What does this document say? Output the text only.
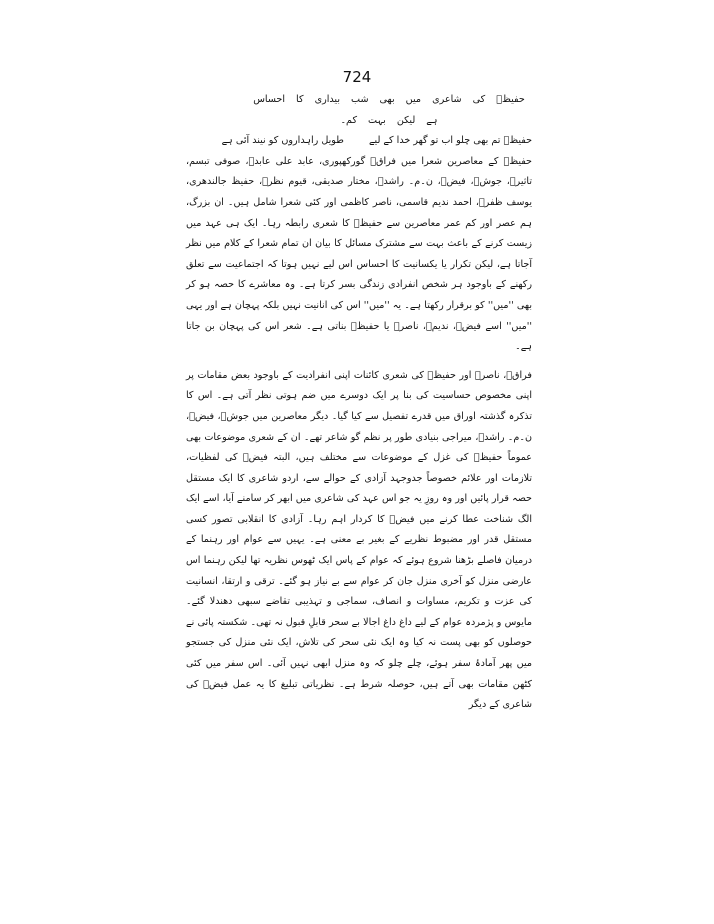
724

حفیظؔ کی شاعری میں بھی شب بیداری کا احساس ہے لیکن بہت کم۔

حفیظؔ تم بھی چلو اب تو گھر خدا کے لیے طویل راہداروں کو نیند آئی ہے

حفیظؔ کے معاصرین شعرا میں فراقؔ گورکھپوری، عابد علی عابدؔ، صوفی تبسم، تاثیرؔ، جوشؔ، فیضؔ، ن۔م۔ راشدؔ، مختار صدیقی، قیوم نظرؔ، حفیظ جالندھری، یوسف ظفرؔ، احمد ندیم قاسمی، ناصر کاظمی اور کئی شعرا شامل ہیں۔ ان بزرگ، ہم عصر اور کم عمر معاصرین سے حفیظؔ کا شعری رابطہ رہا۔ ایک ہی عہد میں زیست کرنے کے باعث بہت سے مشترک مسائل کا بیان ان تمام شعرا کے کلام میں نظر آجاتا ہے، لیکن تکرار یا یکسانیت کا احساس اس لیے نہیں ہوتا کہ اجتماعیت سے تعلق رکھنے کے باوجود ہر شخص انفرادی زندگی بسر کرتا ہے۔ وہ معاشرے کا حصہ ہو کر بھی ''میں'' کو برقرار رکھتا ہے۔ یہ ''میں'' اس کی انانیت نہیں بلکہ پہچان ہے اور یہی ''میں'' اسے فیضؔ، ندیمؔ، ناصرؔ یا حفیظؔ بناتی ہے۔ شعر اس کی پہچان بن جاتا ہے۔

فراقؔ، ناصرؔ اور حفیظؔ کی شعری کائنات اپنی انفرادیت کے باوجود بعض مقامات پر اپنی مخصوص حساسیت کی بنا پر ایک دوسرے میں ضم ہوتی نظر آتی ہے۔ اس کا تذکرہ گذشتہ اوراق میں قدرے تفصیل سے کیا گیا۔ دیگر معاصرین میں جوشؔ، فیضؔ، ن۔م۔ راشدؔ، میراجی بنیادی طور پر نظم گو شاعر تھے۔ ان کے شعری موضوعات بھی عموماً حفیظؔ کی غزل کے موضوعات سے مختلف ہیں، البتہ فیضؔ کی لفظیات، تلازمات اور علائم خصوصاً جدوجہد آزادی کے حوالے سے، اردو شاعری کا ایک مستقل حصہ قرار پائیں اور وہ روزِ یہ جو اس عہد کی شاعری میں ابھر کر سامنے آیا، اسے ایک الگ شناخت عطا کرنے میں فیضؔ کا کردار اہم رہا۔ آزادی کا انقلابی تصور کسی مستقل قدر اور مضبوط نظریے کے بغیر بے معنی ہے۔ یہیں سے عوام اور رہنما کے درمیان فاصلے بڑھنا شروع ہوئے کہ عوام کے پاس ایک ٹھوس نظریہ تھا لیکن رہنما اس عارضی منزل کو آخری منزل جان کر عوام سے بے نیاز ہو گئے۔ ترقی و ارتقا، انسانیت کی عزت و تکریم، مساوات و انصاف، سماجی و تہذیبی تقاضے سبھی دھندلا گئے۔ مایوس و پژمردہ عوام کے لیے داغ داغ اجالا بے سحر قابلِ قبول نہ تھی۔ شکستہ پائی نے حوصلوں کو بھی پست نہ کیا وہ ایک نئی سحر کی تلاش، ایک نئی منزل کی جستجو میں پھر آمادۂ سفر ہوئے، چلے چلو کہ وہ منزل ابھی نہیں آئی۔ اس سفر میں کئی کٹھن مقامات بھی آتے ہیں، حوصلہ شرط ہے۔ نظریاتی تبلیغ کا یہ عمل فیضؔ کی شاعری کے دیگر
